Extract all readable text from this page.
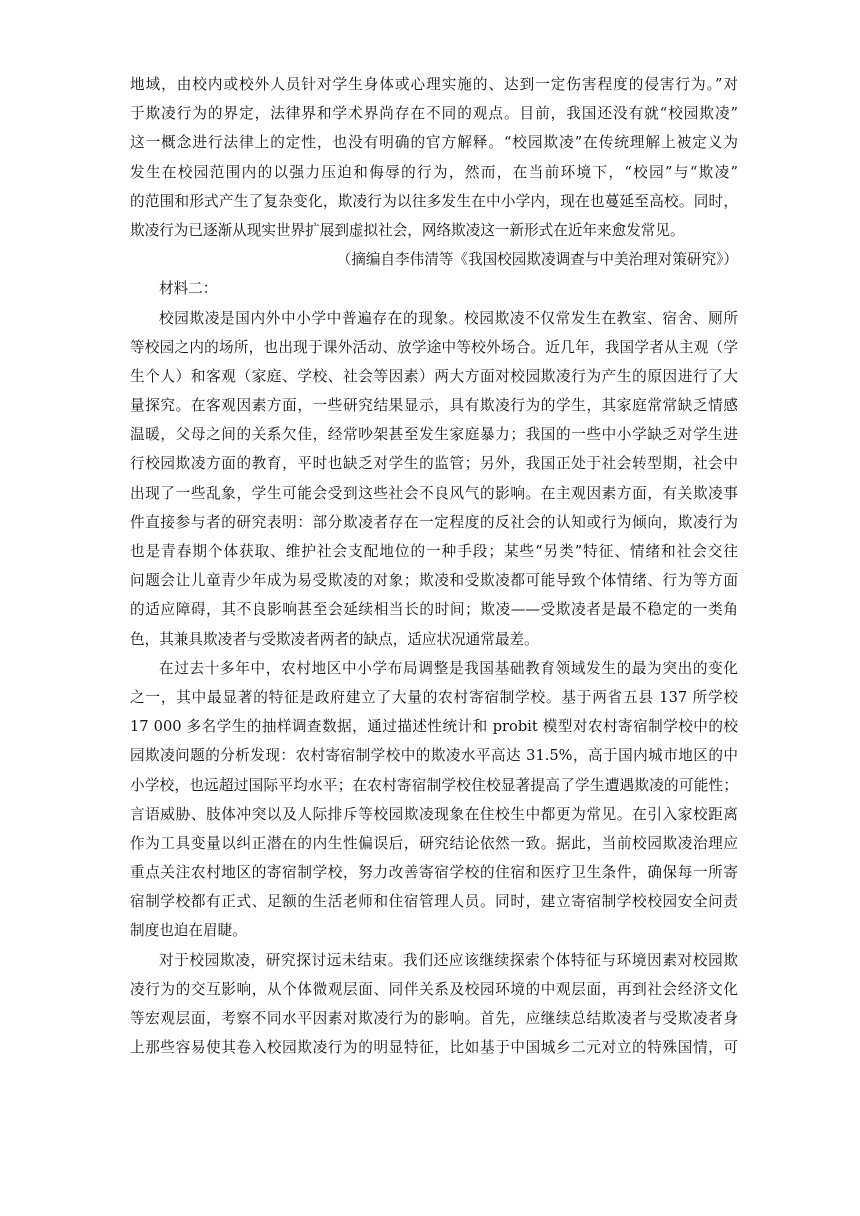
地域，由校内或校外人员针对学生身体或心理实施的、达到一定伤害程度的侵害行为。”对
于欺凌行为的界定，法律界和学术界尚存在不同的观点。目前，我国还没有就“校园欺凌”
这一概念进行法律上的定性，也没有明确的官方解释。“校园欺凌”在传统理解上被定义为
发生在校园范围内的以强力压迫和侮辱的行为，然而，在当前环境下，“校园”与“欺凌”
的范围和形式产生了复杂变化，欺凌行为以往多发生在中小学内，现在也蔓延至高校。同时，
欺凌行为已逐渐从现实世界扩展到虚拟社会，网络欺凌这一新形式在近年来愈发常见。
（摘编自李伟清等《我国校园欺凌调查与中美治理对策研究》）
材料二：
校园欺凌是国内外中小学中普遍存在的现象。校园欺凌不仅常发生在教室、宿舍、厕所
等校园之内的场所，也出现于课外活动、放学途中等校外场合。近几年，我国学者从主观（学
生个人）和客观（家庭、学校、社会等因素）两大方面对校园欺凌行为产生的原因进行了大
量探究。在客观因素方面，一些研究结果显示，具有欺凌行为的学生，其家庭常常缺乏情感
温暖，父母之间的关系欠佳，经常吵架甚至发生家庭暴力；我国的一些中小学缺乏对学生进
行校园欺凌方面的教育，平时也缺乏对学生的监管；另外，我国正处于社会转型期，社会中
出现了一些乱象，学生可能会受到这些社会不良风气的影响。在主观因素方面，有关欺凌事
件直接参与者的研究表明：部分欺凌者存在一定程度的反社会的认知或行为倾向，欺凌行为
也是青春期个体获取、维护社会支配地位的一种手段；某些“另类”特征、情绪和社会交往
问题会让儿童青少年成为易受欺凌的对象；欺凌和受欺凌都可能导致个体情绪、行为等方面
的适应障碍，其不良影响甚至会延续相当长的时间；欺凌——受欺凌者是最不稳定的一类角
色，其兼具欺凌者与受欺凌者两者的缺点，适应状况通常最差。
在过去十多年中，农村地区中小学布局调整是我国基础教育领域发生的最为突出的变化
之一，其中最显著的特征是政府建立了大量的农村寄宿制学校。基于两省五县 137 所学校
17 000 多名学生的抽样调查数据，通过描述性统计和 probit 模型对农村寄宿制学校中的校
园欺凌问题的分析发现：农村寄宿制学校中的欺凌水平高达 31.5%，高于国内城市地区的中
小学校，也远超过国际平均水平；在农村寄宿制学校住校显著提高了学生遭遇欺凌的可能性；
言语威胁、肢体冲突以及人际排斥等校园欺凌现象在住校生中都更为常见。在引入家校距离
作为工具变量以纠正潜在的内生性偏误后，研究结论依然一致。据此，当前校园欺凌治理应
重点关注农村地区的寄宿制学校，努力改善寄宿学校的住宿和医疗卫生条件，确保每一所寄
宿制学校都有正式、足额的生活老师和住宿管理人员。同时，建立寄宿制学校校园安全问责
制度也迫在眉睫。
对于校园欺凌，研究探讨远未结束。我们还应该继续探索个体特征与环境因素对校园欺
凌行为的交互影响，从个体微观层面、同伴关系及校园环境的中观层面，再到社会经济文化
等宏观层面，考察不同水平因素对欺凌行为的影响。首先，应继续总结欺凌者与受欺凌者身
上那些容易使其卷入校园欺凌行为的明显特征，比如基于中国城乡二元对立的特殊国情，可
